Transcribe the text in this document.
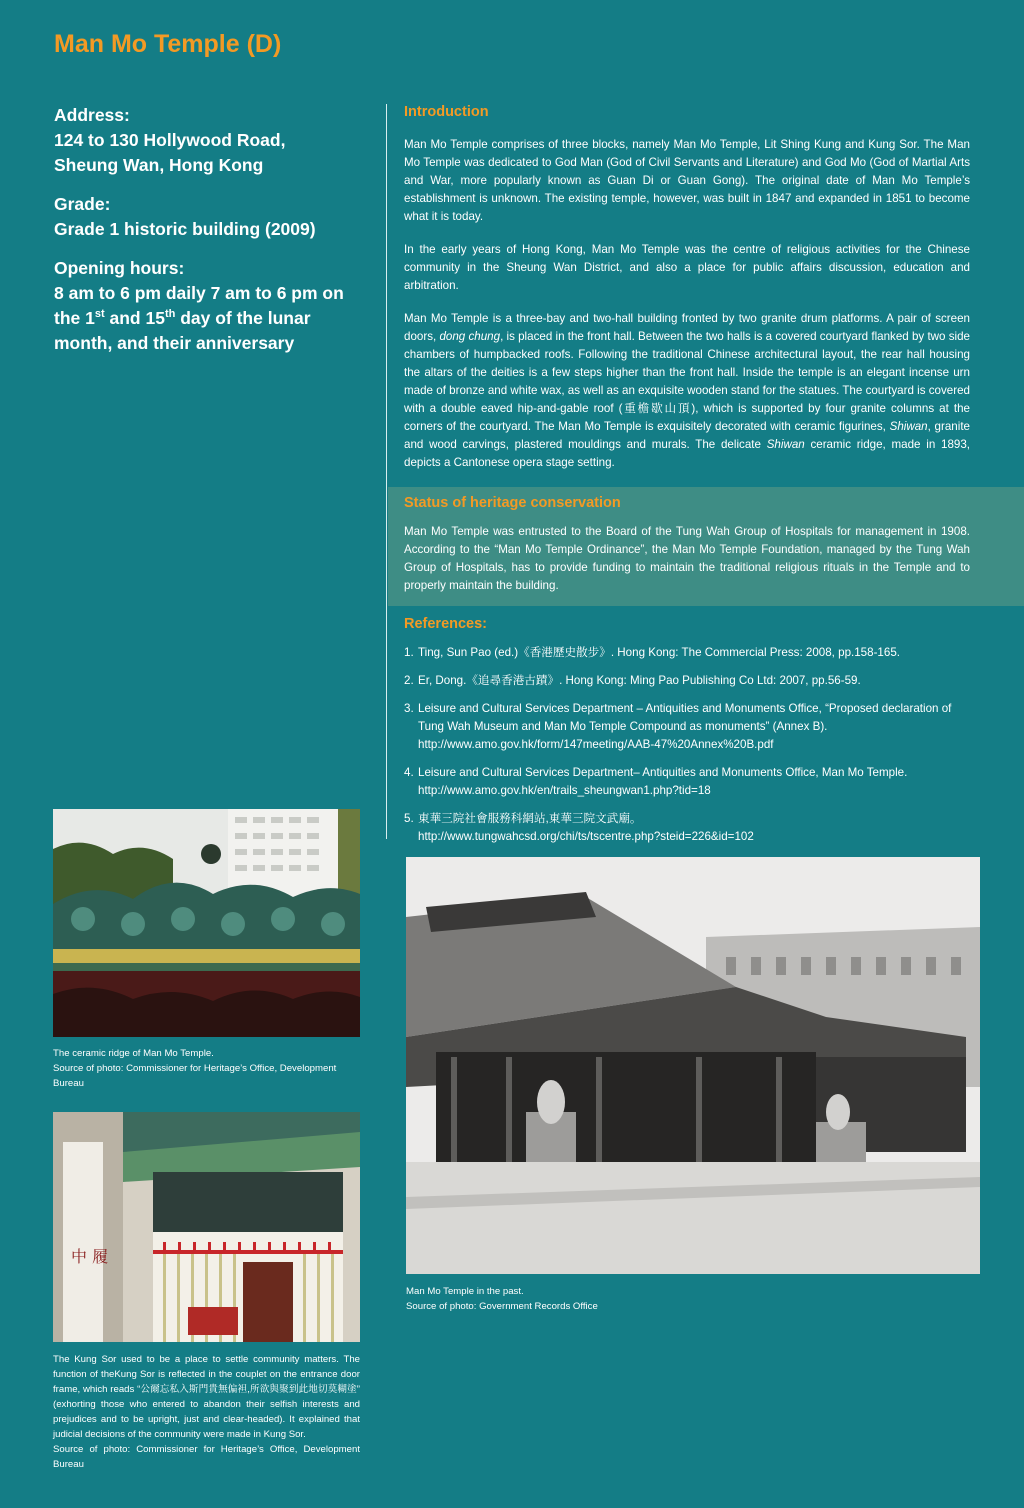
Man Mo Temple (D)
Address:
124 to 130 Hollywood Road,
Sheung Wan, Hong Kong
Grade:
Grade 1 historic building (2009)
Opening hours:
8 am to 6 pm daily 7 am to 6 pm on
the 1st and 15th day of the lunar
month, and their anniversary
Introduction

Man Mo Temple comprises of three blocks, namely Man Mo Temple, Lit Shing Kung and Kung Sor. The Man Mo Temple was dedicated to God Man (God of Civil Servants and Literature) and God Mo (God of Martial Arts and War, more popularly known as Guan Di or Guan Gong). The original date of Man Mo Temple’s establishment is unknown. The existing temple, however, was built in 1847 and expanded in 1851 to become what it is today.

In the early years of Hong Kong, Man Mo Temple was the centre of religious activities for the Chinese community in the Sheung Wan District, and also a place for public affairs discussion, education and arbitration.

Man Mo Temple is a three-bay and two-hall building fronted by two granite drum platforms. A pair of screen doors, dong chung, is placed in the front hall. Between the two halls is a covered courtyard flanked by two side chambers of humpbacked roofs. Following the traditional Chinese architectural layout, the rear hall housing the altars of the deities is a few steps higher than the front hall. Inside the temple is an elegant incense urn made of bronze and white wax, as well as an exquisite wooden stand for the statues. The courtyard is covered with a double eaved hip-and-gable roof (重檐歇山頂), which is supported by four granite columns at the corners of the courtyard. The Man Mo Temple is exquisitely decorated with ceramic figurines, Shiwan, granite and wood carvings, plastered mouldings and murals. The delicate Shiwan ceramic ridge, made in 1893, depicts a Cantonese opera stage setting.

Status of heritage conservation

Man Mo Temple was entrusted to the Board of the Tung Wah Group of Hospitals for management in 1908. According to the “Man Mo Temple Ordinance”, the Man Mo Temple Foundation, managed by the Tung Wah Group of Hospitals, has to provide funding to maintain the traditional religious rituals in the Temple and to properly maintain the building.

References:
1. Ting, Sun Pao (ed.)《香港歷史散步》. Hong Kong: The Commercial Press: 2008, pp.158-165.
2. Er, Dong.《追尋香港古蹟》. Hong Kong: Ming Pao Publishing Co Ltd: 2007, pp.56-59.
3. Leisure and Cultural Services Department – Antiquities and Monuments Office, “Proposed declaration of Tung Wah Museum and Man Mo Temple Compound as monuments” (Annex B).
http://www.amo.gov.hk/form/147meeting/AAB-47%20Annex%20B.pdf
4. Leisure and Cultural Services Department– Antiquities and Monuments Office, Man Mo Temple.
http://www.amo.gov.hk/en/trails_sheungwan1.php?tid=18
5. 東華三院社會服務科網站,東華三院文武廟。
http://www.tungwahcsd.org/chi/ts/tscentre.php?steid=226&id=102
The ceramic ridge of Man Mo Temple.
Source of photo: Commissioner for Heritage’s Office, Development Bureau
中 履
The Kung Sor used to be a place to settle community matters. The function of theKung Sor is reflected in the couplet on the entrance door frame, which reads “公爾忘私入斯門貴無偏袒,所欲與聚到此地切莫糊塗” (exhorting those who entered to abandon their selfish interests and prejudices and to be upright, just and clear-headed). It explained that judicial decisions of the community were made in Kung Sor.
Source of photo: Commissioner for Heritage’s Office, Development Bureau
Man Mo Temple in the past.
Source of photo: Government Records Office
